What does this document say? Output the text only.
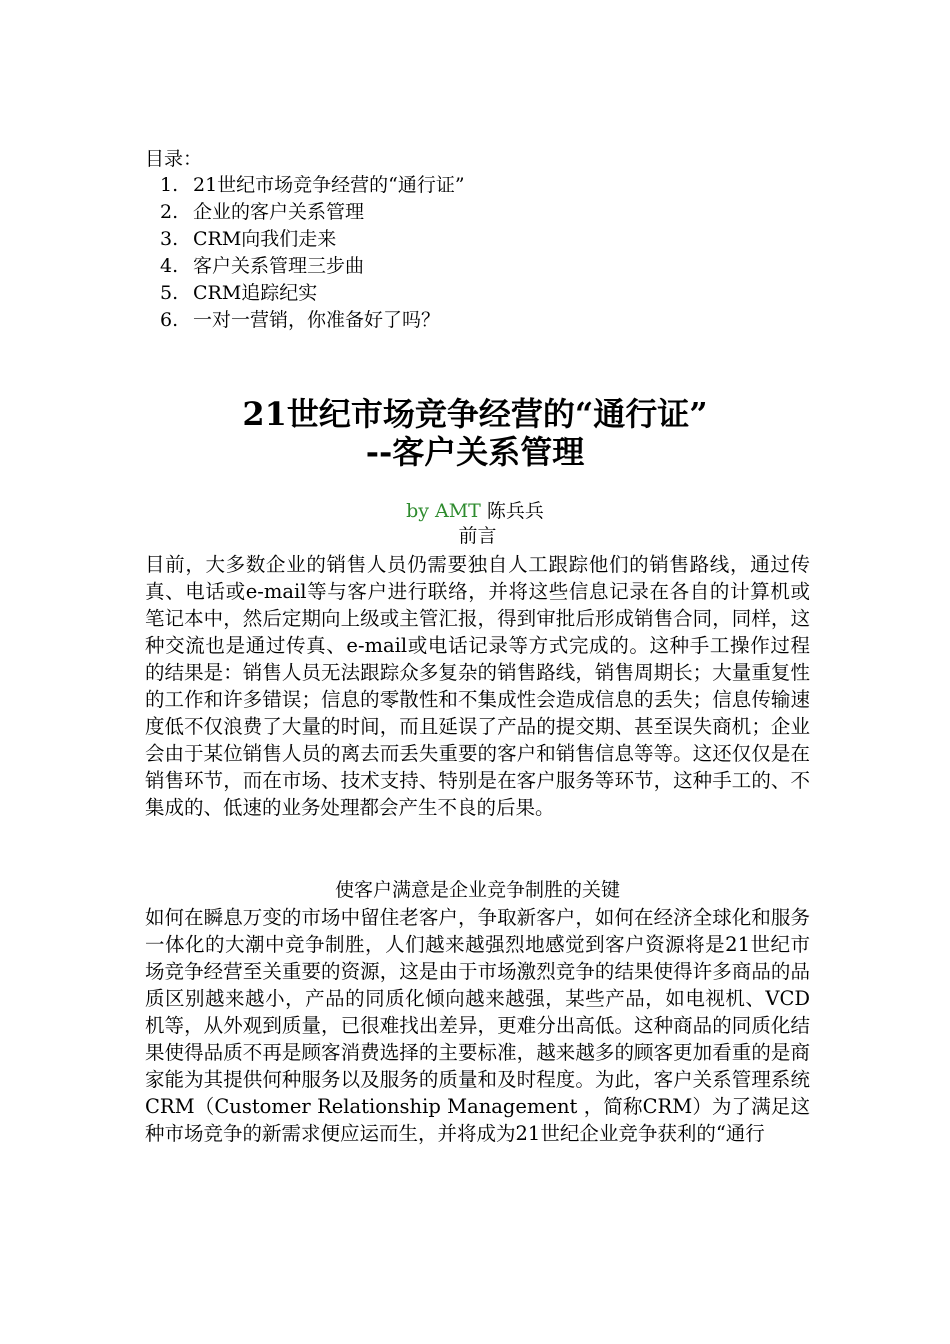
目录：
1. 21世纪市场竞争经营的“通行证”
2. 企业的客户关系管理
3. CRM向我们走来
4. 客户关系管理三步曲
5. CRM追踪纪实
6. 一对一营销，你准备好了吗？
21世纪市场竞争经营的“通行证”
--客户关系管理
by AMT 陈兵兵
前言

目前，大多数企业的销售人员仍需要独自人工跟踪他们的销售路线，通过传真、电话或e-mail等与客户进行联络，并将这些信息记录在各自的计算机或笔记本中，然后定期向上级或主管汇报，得到审批后形成销售合同，同样，这种交流也是通过传真、e-mail或电话记录等方式完成的。这种手工操作过程的结果是：销售人员无法跟踪众多复杂的销售路线，销售周期长；大量重复性的工作和许多错误；信息的零散性和不集成性会造成信息的丢失；信息传输速度低不仅浪费了大量的时间，而且延误了产品的提交期、甚至误失商机；企业会由于某位销售人员的离去而丢失重要的客户和销售信息等等。这还仅仅是在销售环节，而在市场、技术支持、特别是在客户服务等环节，这种手工的、不集成的、低速的业务处理都会产生不良的后果。

使客户满意是企业竞争制胜的关键

如何在瞬息万变的市场中留住老客户，争取新客户，如何在经济全球化和服务一体化的大潮中竞争制胜，人们越来越强烈地感觉到客户资源将是21世纪市场竞争经营至关重要的资源，这是由于市场激烈竞争的结果使得许多商品的品质区别越来越小，产品的同质化倾向越来越强，某些产品，如电视机、VCD机等，从外观到质量，已很难找出差异，更难分出高低。这种商品的同质化结果使得品质不再是顾客消费选择的主要标准，越来越多的顾客更加看重的是商家能为其提供何种服务以及服务的质量和及时程度。为此，客户关系管理系统CRM（Customer Relationship Management ，简称CRM）为了满足这种市场竞争的新需求便应运而生，并将成为21世纪企业竞争获利的“通行
